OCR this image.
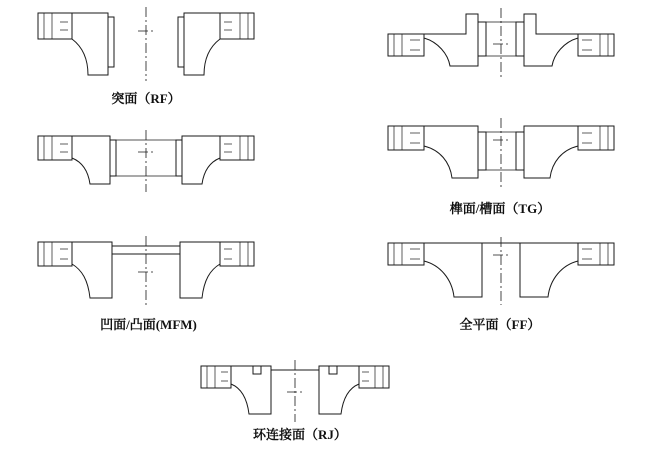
突面（RF）
榫面/槽面（TG）
凹面/凸面(MFM)	全平面（FF）
环连接面（RJ）
